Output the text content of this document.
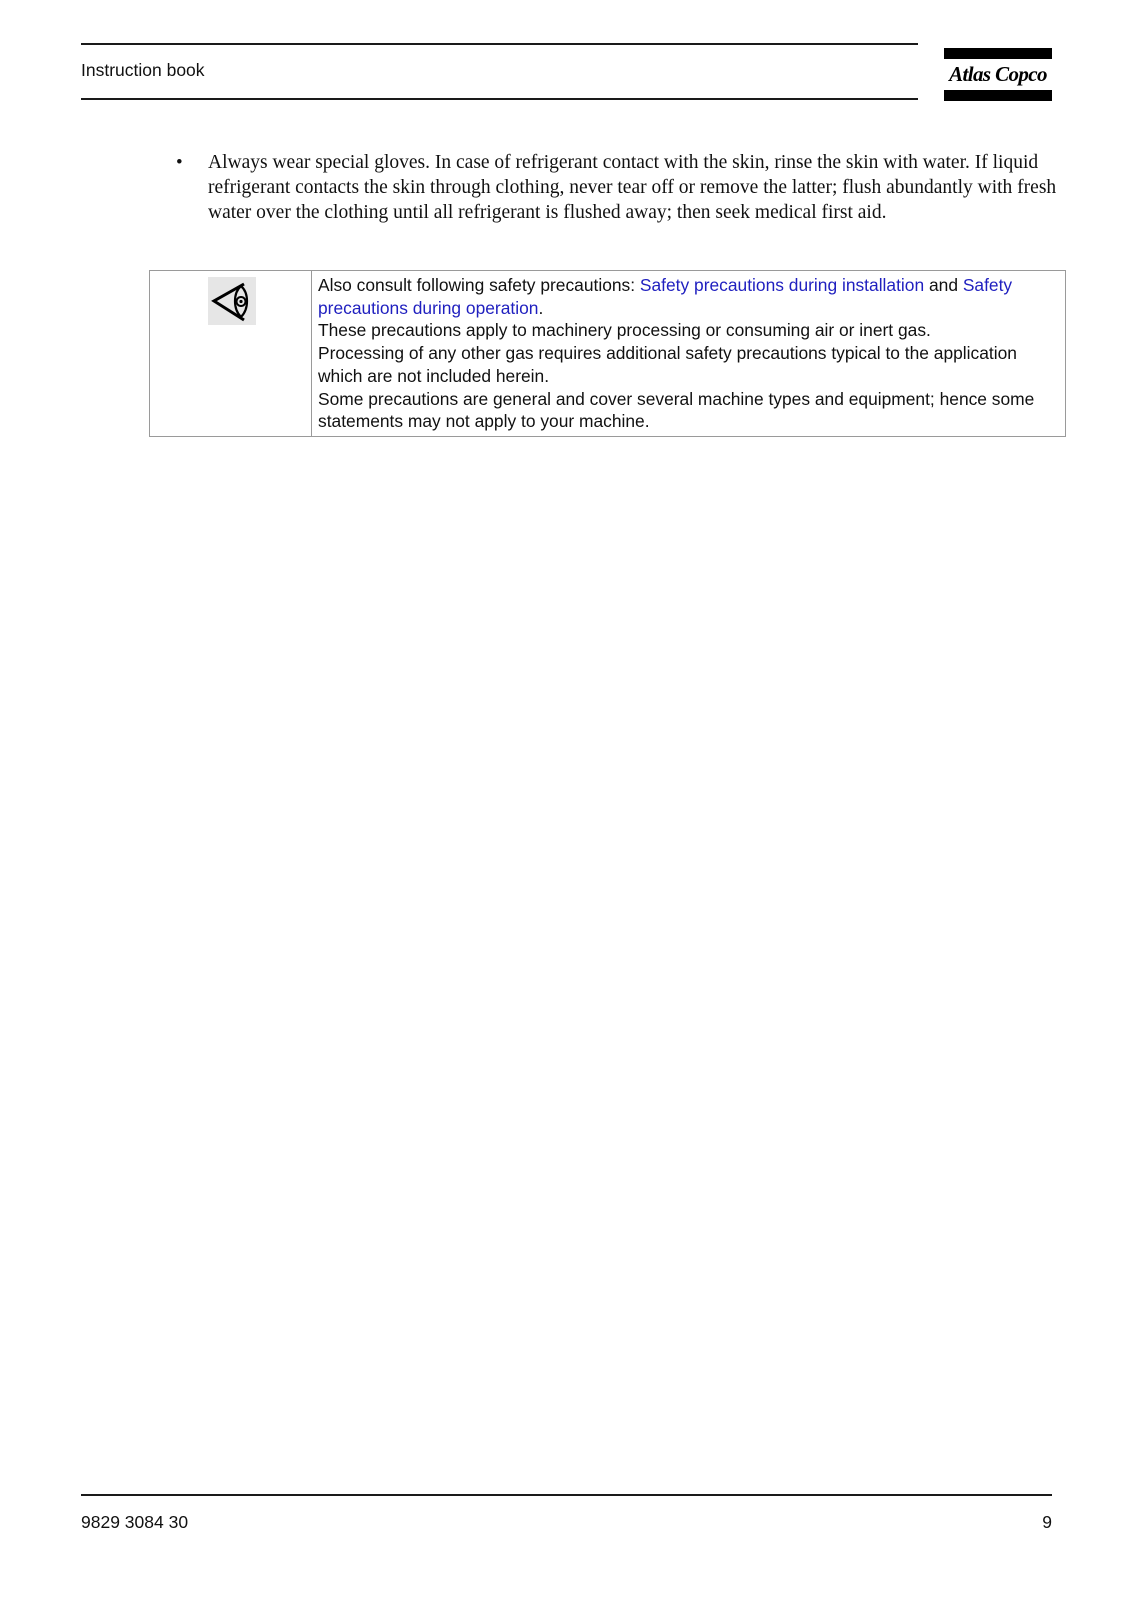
Instruction book	Atlas Copco
• Always wear special gloves. In case of refrigerant contact with the skin, rinse the skin with water. If liquid refrigerant contacts the skin through clothing, never tear off or remove the latter; flush abundantly with fresh water over the clothing until all refrigerant is flushed away; then seek medical first aid.

Also consult following safety precautions: Safety precautions during installation and Safety precautions during operation.

These precautions apply to machinery processing or consuming air or inert gas.

Processing of any other gas requires additional safety precautions typical to the application which are not included herein.

Some precautions are general and cover several machine types and equipment; hence some statements may not apply to your machine.

9829 3084 30	9
